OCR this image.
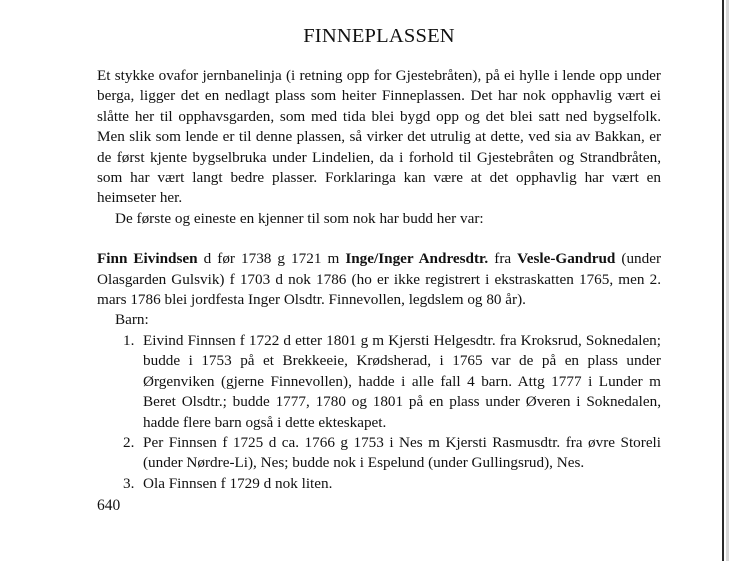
FINNEPLASSEN

Et stykke ovafor jernbanelinja (i retning opp for Gjestebråten), på ei hylle i lende opp under berga, ligger det en nedlagt plass som heiter Finneplassen. Det har nok opphavlig vært ei slåtte her til opphavsgarden, som med tida blei bygd opp og det blei satt ned bygselfolk. Men slik som lende er til denne plassen, så virker det utrulig at dette, ved sia av Bakkan, er de først kjente bygselbruka under Lindelien, da i forhold til Gjestebråten og Strandbråten, som har vært langt bedre plasser. Forklaringa kan være at det opphavlig har vært en heimseter her.

De første og eineste en kjenner til som nok har budd her var:

Finn Eivindsen d før 1738 g 1721 m Inge/Inger Andresdtr. fra Vesle-Gandrud (under Olasgarden Gulsvik) f 1703 d nok 1786 (ho er ikke registrert i ekstraskatten 1765, men 2. mars 1786 blei jordfesta Inger Olsdtr. Finnevollen, legdslem og 80 år).

Barn:

1. Eivind Finnsen f 1722 d etter 1801 g m Kjersti Helgesdtr. fra Kroksrud, Soknedalen; budde i 1753 på et Brekkeeie, Krødsherad, i 1765 var de på en plass under Ørgenviken (gjerne Finnevollen), hadde i alle fall 4 barn. Attg 1777 i Lunder m Beret Olsdtr.; budde 1777, 1780 og 1801 på en plass under Øveren i Soknedalen, hadde flere barn også i dette ekteskapet.
2. Per Finnsen f 1725 d ca. 1766 g 1753 i Nes m Kjersti Rasmusdtr. fra øvre Storeli (under Nørdre-Li), Nes; budde nok i Espelund (under Gullingsrud), Nes.
3. Ola Finnsen f 1729 d nok liten.
640
